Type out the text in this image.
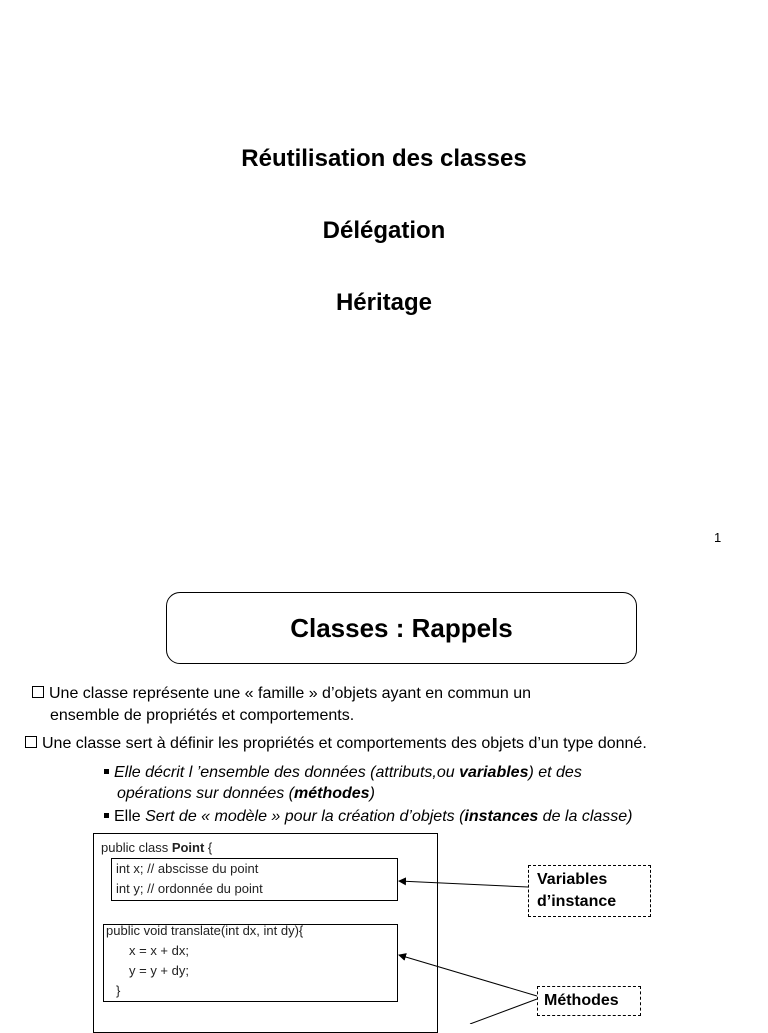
Réutilisation des classes
Délégation
Héritage
1
Classes : Rappels
Une classe représente une « famille » d’objets ayant en commun un
ensemble de propriétés et comportements.
Une classe sert à définir les propriétés et comportements des objets d’un type donné.
Elle décrit l ’ensemble des données (attributs,ou variables) et des
opérations sur données (méthodes)
Elle Sert de « modèle » pour la création d’objets (instances de la classe)
public class Point {
int x; // abscisse du point
int y; // ordonnée du point
public void translate(int dx, int dy){
x = x + dx;
y = y + dy;
}
Variables
d’instance
Méthodes
